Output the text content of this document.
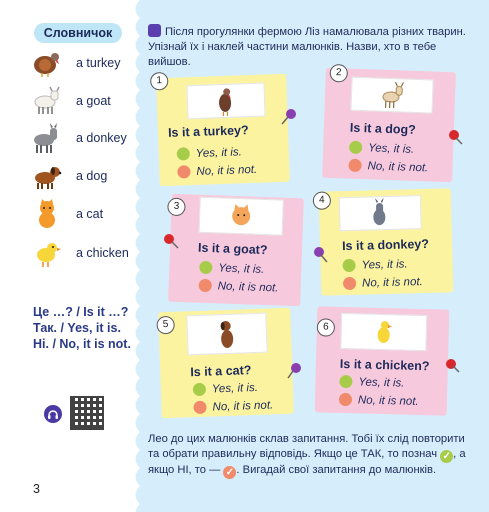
Словничок
a turkey
a goat
a donkey
a dog
a cat
a chicken
Це …? / Is it …?
Так. / Yes, it is.
Ні. / No, it is not.
3
Після прогулянки фермою Ліз намалювала різних тварин. Упізнай їх і наклей частини малюнків. Назви, хто в тебе вийшов.
1
Is it a turkey?
Yes, it is.
No, it is not.
2
Is it a dog?
Yes, it is.
No, it is not.
3
Is it a goat?
Yes, it is.
No, it is not.
4
Is it a donkey?
Yes, it is.
No, it is not.
5
Is it a cat?
Yes, it is.
No, it is not.
6
Is it a chicken?
Yes, it is.
No, it is not.
Лео до цих малюнків склав запитання. Тобі їх слід повторити та обрати правильну відповідь. Якщо це ТАК, то познач ✓ , а якщо НІ, то — ✓ . Вигадай свої запитання до малюнків.
